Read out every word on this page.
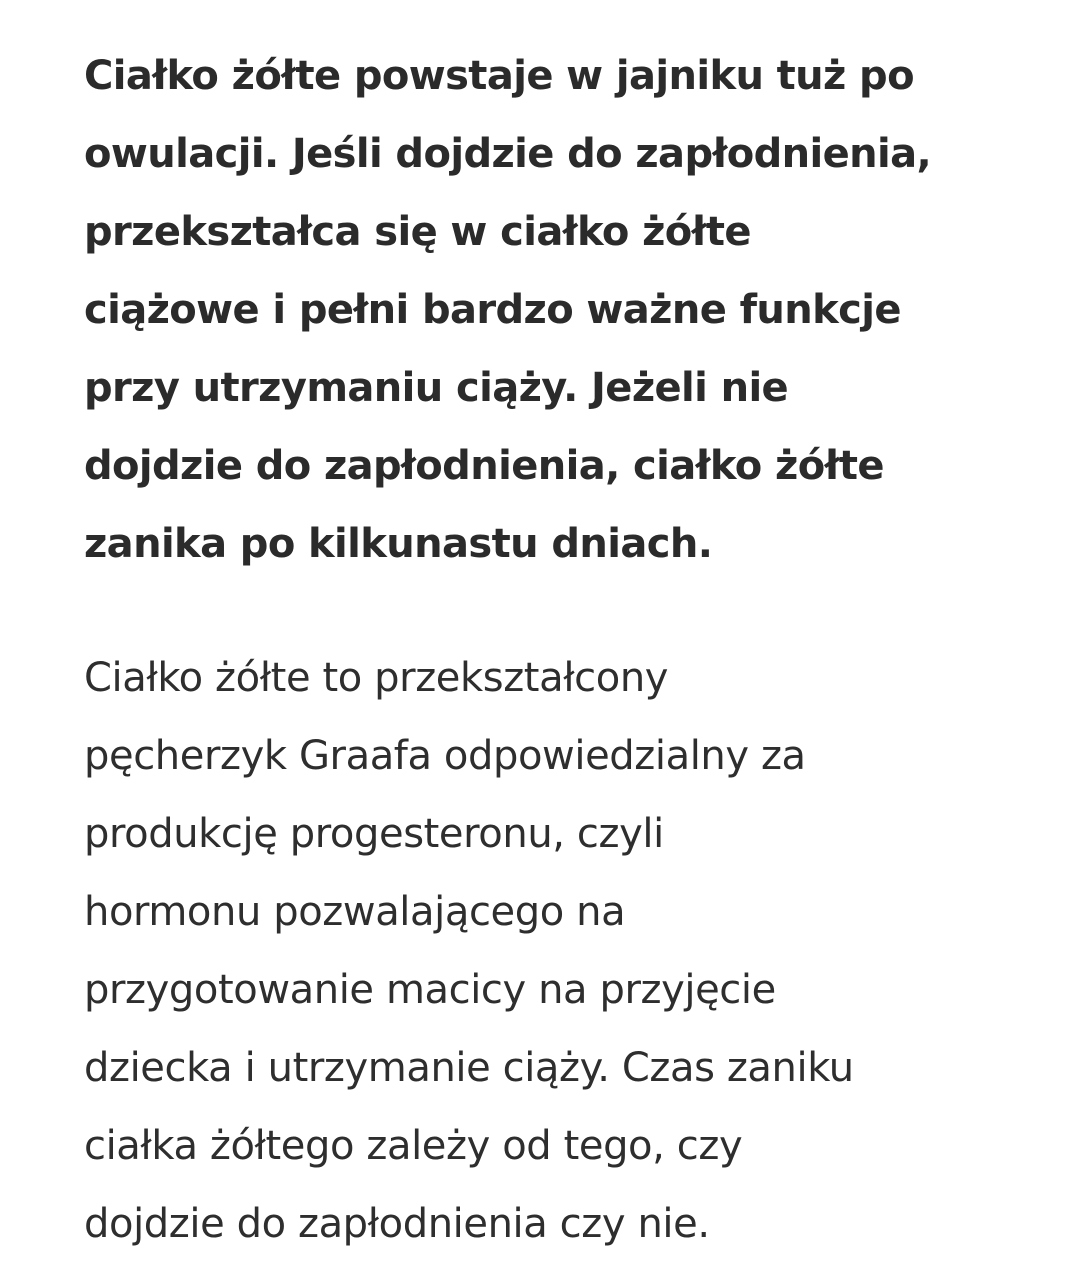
Ciałko żółte powstaje w jajniku tuż po
owulacji. Jeśli dojdzie do zapłodnienia,
przekształca się w ciałko żółte
ciążowe i pełni bardzo ważne funkcje
przy utrzymaniu ciąży. Jeżeli nie
dojdzie do zapłodnienia, ciałko żółte
zanika po kilkunastu dniach.

Ciałko żółte to przekształcony
pęcherzyk Graafa odpowiedzialny za
produkcję progesteronu, czyli
hormonu pozwalającego na
przygotowanie macicy na przyjęcie
dziecka i utrzymanie ciąży. Czas zaniku
ciałka żółtego zależy od tego, czy
dojdzie do zapłodnienia czy nie.
